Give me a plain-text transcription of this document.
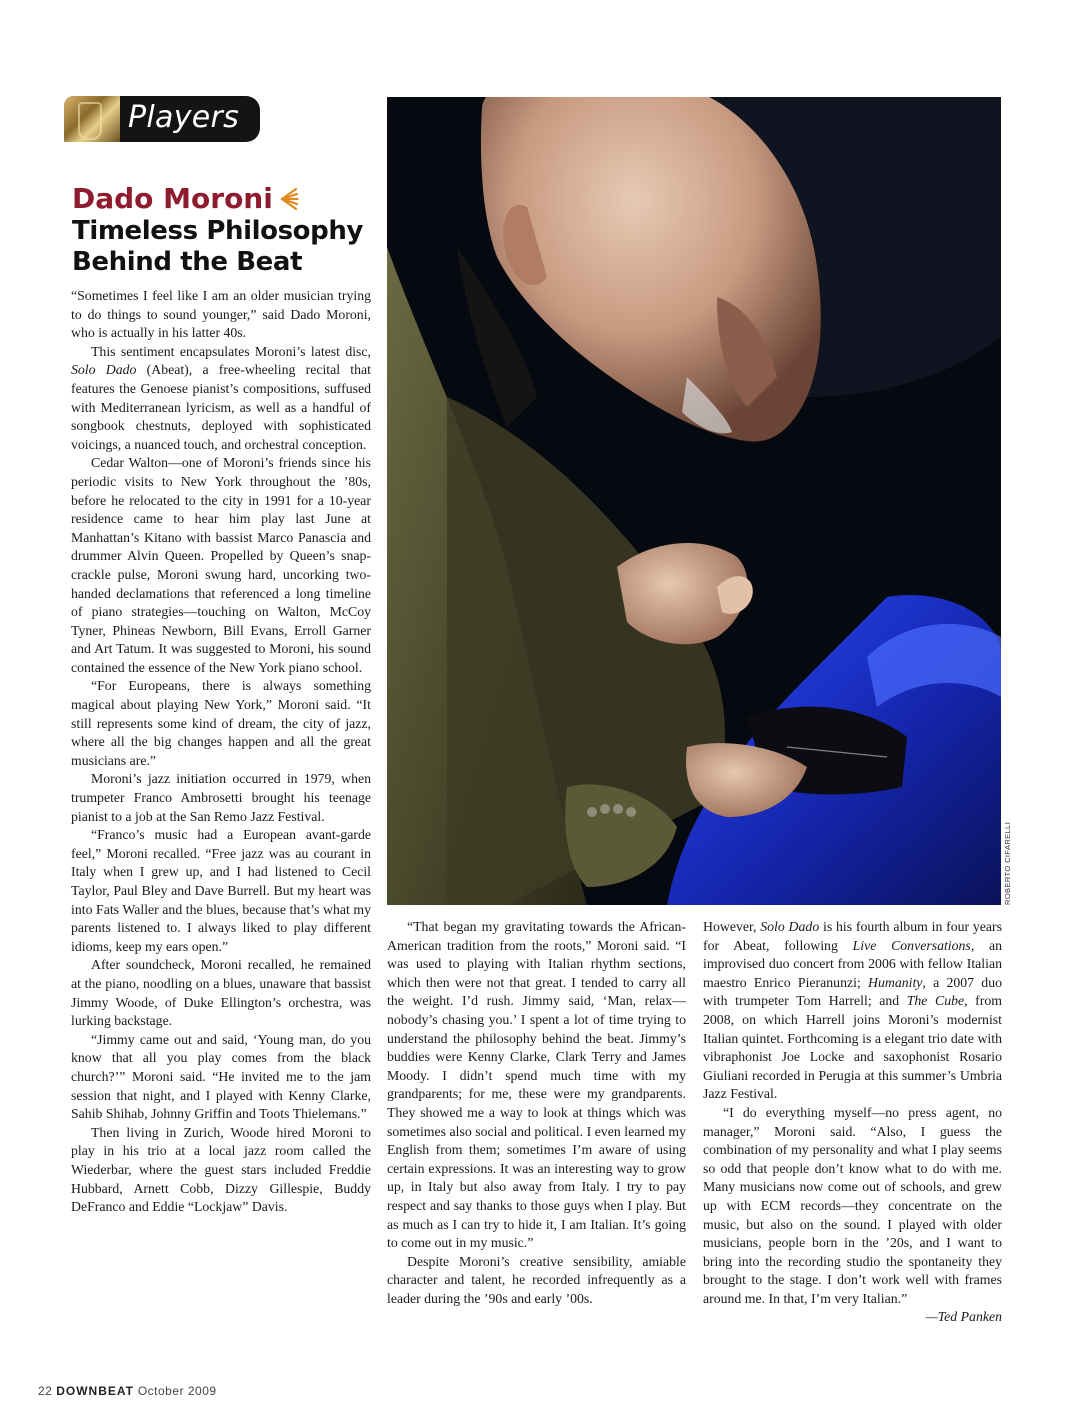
Players
Dado Moroni
Timeless Philosophy
Behind the Beat
ROBERTO CIFARELLI

“Sometimes I feel like I am an older musician trying to do things to sound younger,” said Dado Moroni, who is actually in his latter 40s.

This sentiment encapsulates Moroni’s latest disc, Solo Dado (Abeat), a free-wheeling recital that features the Genoese pianist’s compositions, suffused with Mediterranean lyricism, as well as a handful of songbook chestnuts, deployed with sophisticated voicings, a nuanced touch, and orchestral conception.

Cedar Walton—one of Moroni’s friends since his periodic visits to New York throughout the ’80s, before he relocated to the city in 1991 for a 10-year residence came to hear him play last June at Manhattan’s Kitano with bassist Marco Panascia and drummer Alvin Queen. Propelled by Queen’s snap-crackle pulse, Moroni swung hard, uncorking two-handed declamations that referenced a long timeline of piano strategies—touching on Walton, McCoy Tyner, Phineas Newborn, Bill Evans, Erroll Garner and Art Tatum. It was suggested to Moroni, his sound contained the essence of the New York piano school.

“For Europeans, there is always something magical about playing New York,” Moroni said. “It still represents some kind of dream, the city of jazz, where all the big changes happen and all the great musicians are.”

Moroni’s jazz initiation occurred in 1979, when trumpeter Franco Ambrosetti brought his teenage pianist to a job at the San Remo Jazz Festival.

“Franco’s music had a European avant-garde feel,” Moroni recalled. “Free jazz was au courant in Italy when I grew up, and I had listened to Cecil Taylor, Paul Bley and Dave Burrell. But my heart was into Fats Waller and the blues, because that’s what my parents listened to. I always liked to play different idioms, keep my ears open.”

After soundcheck, Moroni recalled, he remained at the piano, noodling on a blues, unaware that bassist Jimmy Woode, of Duke Ellington’s orchestra, was lurking backstage.

“Jimmy came out and said, ‘Young man, do you know that all you play comes from the black church?’” Moroni said. “He invited me to the jam session that night, and I played with Kenny Clarke, Sahib Shihab, Johnny Griffin and Toots Thielemans.”

Then living in Zurich, Woode hired Moroni to play in his trio at a local jazz room called the Wiederbar, where the guest stars included Freddie Hubbard, Arnett Cobb, Dizzy Gillespie, Buddy DeFranco and Eddie “Lockjaw” Davis.

“That began my gravitating towards the African-American tradition from the roots,” Moroni said. “I was used to playing with Italian rhythm sections, which then were not that great. I tended to carry all the weight. I’d rush. Jimmy said, ‘Man, relax—nobody’s chasing you.’ I spent a lot of time trying to understand the philosophy behind the beat. Jimmy’s buddies were Kenny Clarke, Clark Terry and James Moody. I didn’t spend much time with my grandparents; for me, these were my grandparents. They showed me a way to look at things which was sometimes also social and political. I even learned my English from them; sometimes I’m aware of using certain expressions. It was an interesting way to grow up, in Italy but also away from Italy. I try to pay respect and say thanks to those guys when I play. But as much as I can try to hide it, I am Italian. It’s going to come out in my music.”

Despite Moroni’s creative sensibility, amiable character and talent, he recorded infrequently as a leader during the ’90s and early ’00s.

However, Solo Dado is his fourth album in four years for Abeat, following Live Conversations, an improvised duo concert from 2006 with fellow Italian maestro Enrico Pieranunzi; Humanity, a 2007 duo with trumpeter Tom Harrell; and The Cube, from 2008, on which Harrell joins Moroni’s modernist Italian quintet. Forthcoming is a elegant trio date with vibraphonist Joe Locke and saxophonist Rosario Giuliani recorded in Perugia at this summer’s Umbria Jazz Festival.

“I do everything myself—no press agent, no manager,” Moroni said. “Also, I guess the combination of my personality and what I play seems so odd that people don’t know what to do with me. Many musicians now come out of schools, and grew up with ECM records—they concentrate on the music, but also on the sound. I played with older musicians, people born in the ’20s, and I want to bring into the recording studio the spontaneity they brought to the stage. I don’t work well with frames around me. In that, I’m very Italian.”
—Ted Panken

22 DOWNBEAT October 2009
